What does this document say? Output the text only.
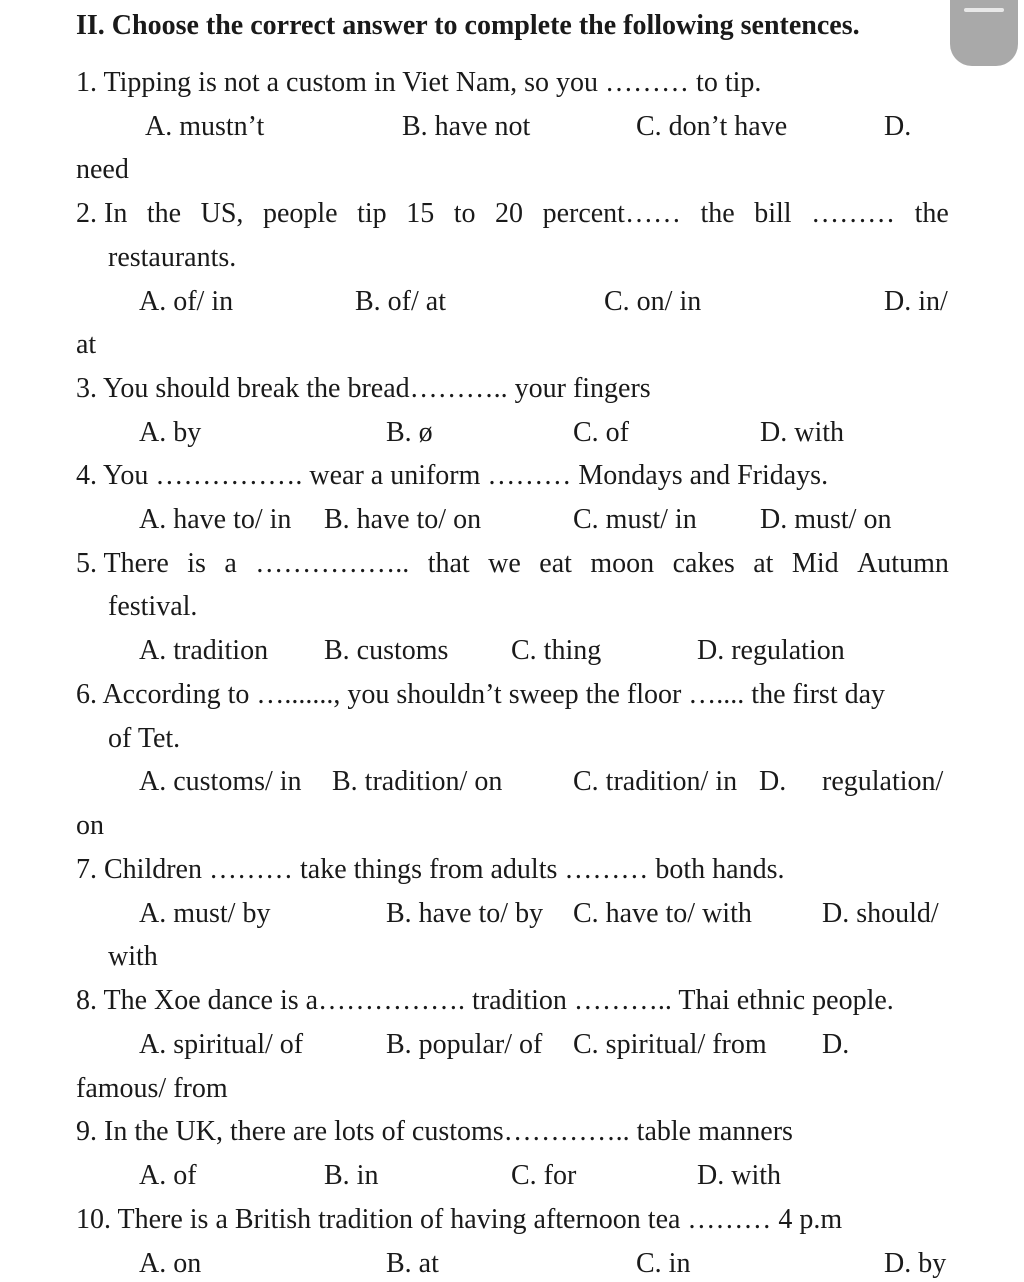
II. Choose the correct answer to complete the following sentences.
1. Tipping is not a custom in Viet Nam, so you ……… to tip.
A. mustn’t	B. have not	C. don’t have	D.
need
2. In the US, people tip 15 to 20 percent…… the bill ……… the
restaurants.
A. of/ in	B. of/ at	C. on/ in	D. in/
at
3. You should break the bread……….. your fingers
A. by	B. ø	C. of	D. with
4. You ……………. wear a uniform ……… Mondays and Fridays.
A. have to/ in B. have to/ on	C. must/ in D. must/ on
5. There is a …………….. that we eat moon cakes at Mid Autumn
festival.
A. tradition B. customs C. thing	D. regulation
6. According to …......., you shouldn’t sweep the floor ….... the first day
of Tet.
A. customs/ in B. tradition/ on	C. tradition/ in D. regulation/
on
7. Children ……… take things from adults ……… both hands.
A. must/ by	B. have to/ by C. have to/ with	D. should/
with
8. The Xoe dance is a……………. tradition ……….. Thai ethnic people.
A. spiritual/ of	B. popular/ of C. spiritual/ from D.
famous/ from
9. In the UK, there are lots of customs………….. table manners
A. of	B. in	C. for	D. with
10. There is a British tradition of having afternoon tea ……… 4 p.m
A. on	B. at	C. in	D. by
